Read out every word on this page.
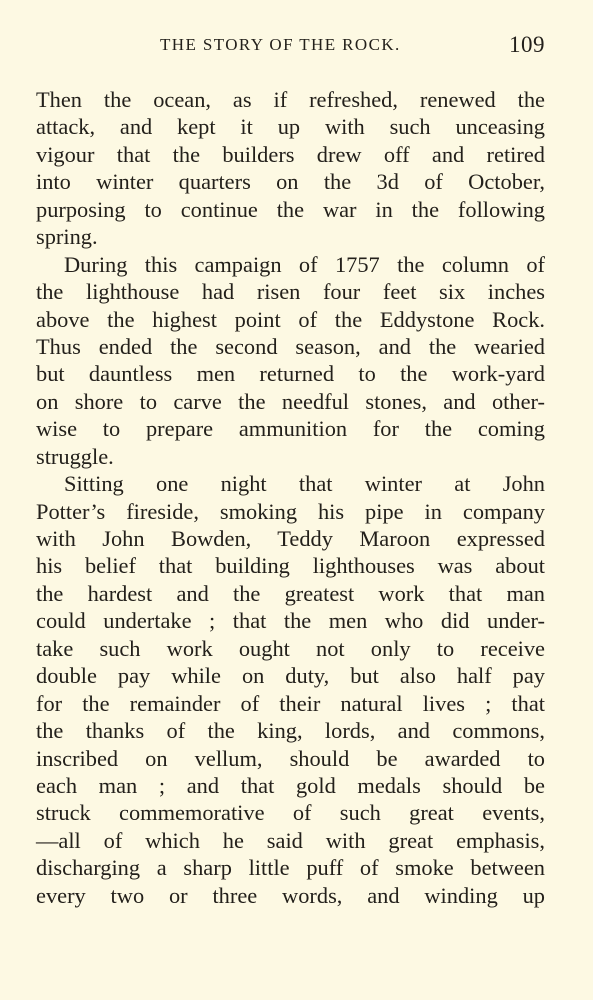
THE STORY OF THE ROCK.	109
Then the ocean, as if refreshed, renewed the
attack, and kept it up with such unceasing
vigour that the builders drew off and retired
into winter quarters on the 3d of October,
purposing to continue the war in the following
spring.
During this campaign of 1757 the column of
the lighthouse had risen four feet six inches
above the highest point of the Eddystone Rock.
Thus ended the second season, and the wearied
but dauntless men returned to the work-yard
on shore to carve the needful stones, and other-
wise to prepare ammunition for the coming
struggle.
Sitting one night that winter at John
Potter’s fireside, smoking his pipe in company
with John Bowden, Teddy Maroon expressed
his belief that building lighthouses was about
the hardest and the greatest work that man
could undertake ; that the men who did under-
take such work ought not only to receive
double pay while on duty, but also half pay
for the remainder of their natural lives ; that
the thanks of the king, lords, and commons,
inscribed on vellum, should be awarded to
each man ; and that gold medals should be
struck commemorative of such great events,
—all of which he said with great emphasis,
discharging a sharp little puff of smoke between
every two or three words, and winding up
